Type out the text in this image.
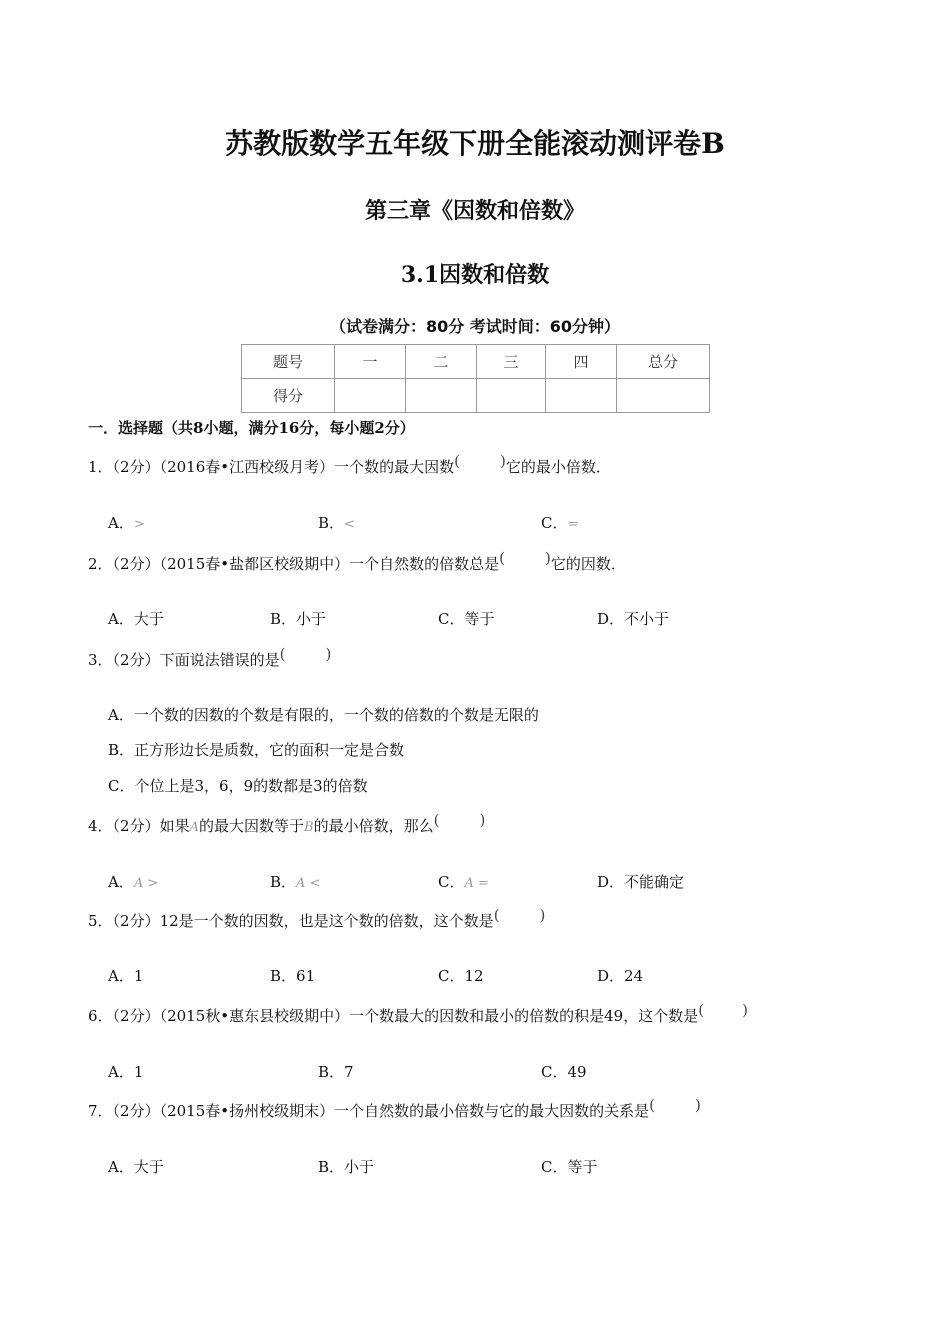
苏教版数学五年级下册全能滚动测评卷B
第三章《因数和倍数》
3.1因数和倍数
（试卷满分：80分 考试时间：60分钟）
题号	一	二	三	四	总分
得分					
一．选择题（共8小题，满分16分，每小题2分）
1．（2分）（2016春•江西校级月考）一个数的最大因数(	)它的最小倍数．
A．>	B．<	C．=
2．（2分）（2015春•盐都区校级期中）一个自然数的倍数总是(	)它的因数．
A．大于	B．小于	C．等于	D．不小于
3．（2分）下面说法错误的是(	)
A．一个数的因数的个数是有限的，一个数的倍数的个数是无限的
B．正方形边长是质数，它的面积一定是合数
C．个位上是3，6，9的数都是3的倍数
4．（2分）如果A的最大因数等于B的最小倍数，那么(	)
A．A >	B．A <	C．A =	D．不能确定
5．（2分）12是一个数的因数，也是这个数的倍数，这个数是(	)
A．1	B．61	C．12	D．24
6．（2分）（2015秋•惠东县校级期中）一个数最大的因数和最小的倍数的积是49，这个数是(	)
A．1	B．7	C．49
7．（2分）（2015春•扬州校级期末）一个自然数的最小倍数与它的最大因数的关系是(	)
A．大于	B．小于	C．等于
